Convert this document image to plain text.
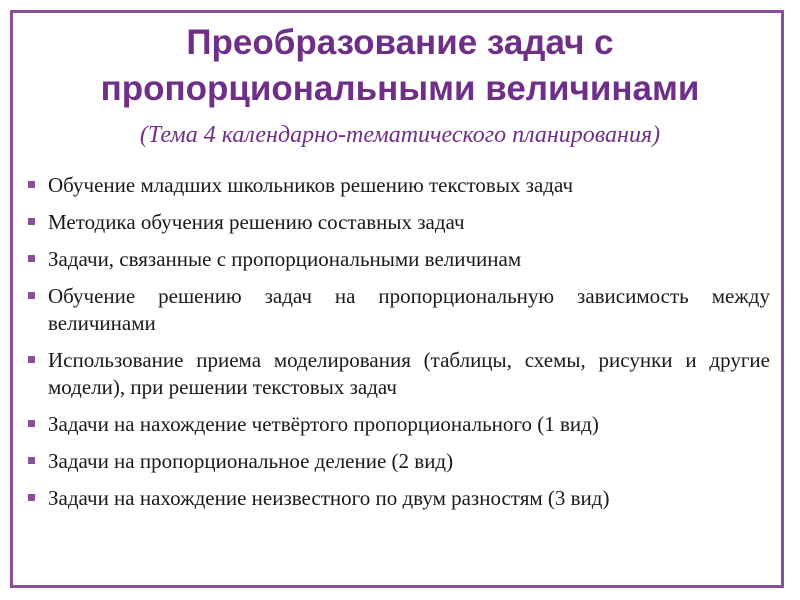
Преобразование задач с
пропорциональными величинами

(Тема 4 календарно-тематического планирования)

Обучение младших школьников решению текстовых задач
Методика обучения решению составных задач
Задачи, связанные с пропорциональными величинам
Обучение решению задач на пропорциональную зависимость между величинами
Использование приема моделирования (таблицы, схемы, рисунки и другие модели), при решении текстовых задач
Задачи на нахождение четвёртого пропорционального (1 вид)
Задачи на пропорциональное деление (2 вид)
Задачи на нахождение неизвестного по двум разностям (3 вид)
